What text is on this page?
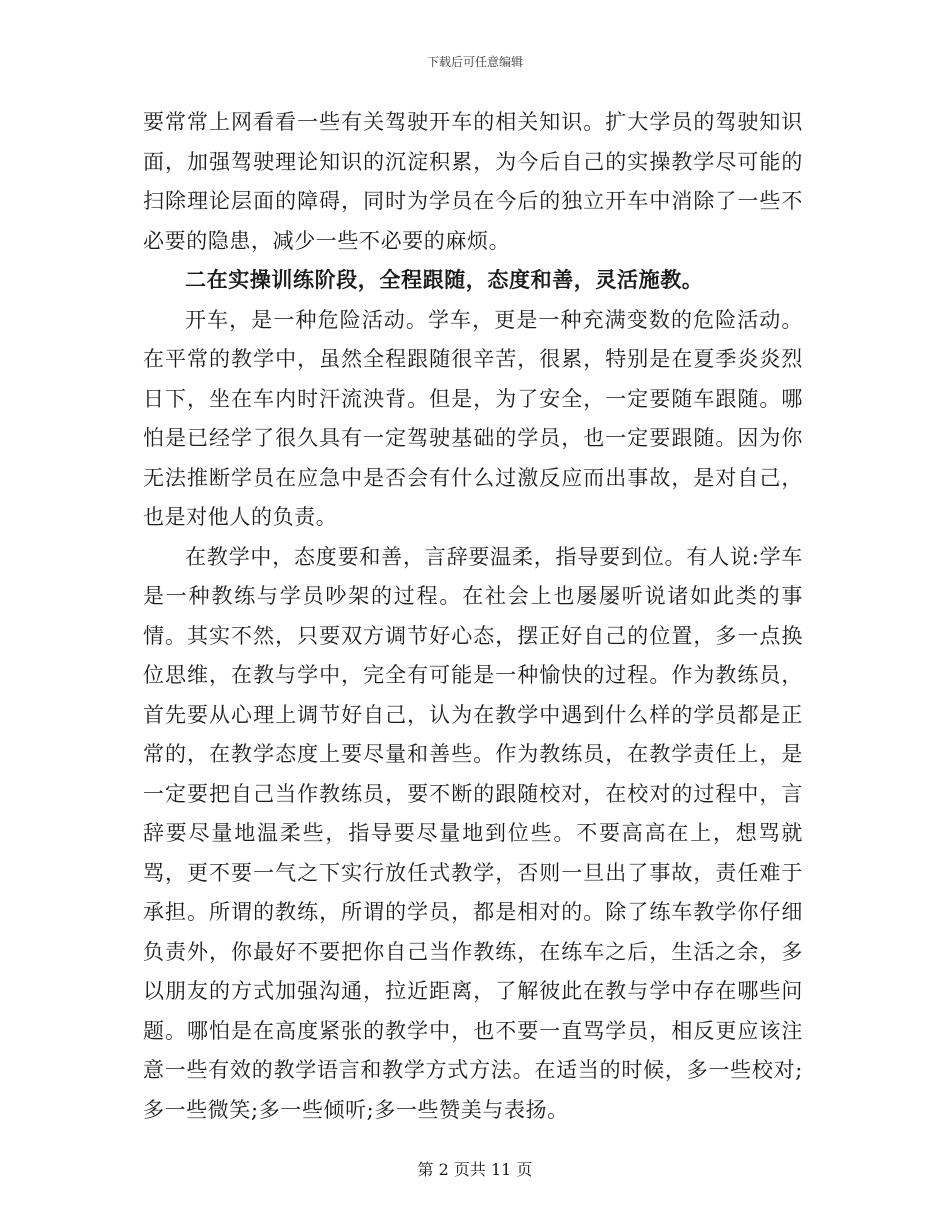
下载后可任意编辑

要常常上网看看一些有关驾驶开车的相关知识。扩大学员的驾驶知识面，加强驾驶理论知识的沉淀积累，为今后自己的实操教学尽可能的扫除理论层面的障碍，同时为学员在今后的独立开车中消除了一些不必要的隐患，减少一些不必要的麻烦。

二在实操训练阶段，全程跟随，态度和善，灵活施教。

开车，是一种危险活动。学车，更是一种充满变数的危险活动。在平常的教学中，虽然全程跟随很辛苦，很累，特别是在夏季炎炎烈日下，坐在车内时汗流泱背。但是，为了安全，一定要随车跟随。哪怕是已经学了很久具有一定驾驶基础的学员，也一定要跟随。因为你无法推断学员在应急中是否会有什么过激反应而出事故，是对自己，也是对他人的负责。

在教学中，态度要和善，言辞要温柔，指导要到位。有人说:学车是一种教练与学员吵架的过程。在社会上也屡屡听说诸如此类的事情。其实不然，只要双方调节好心态，摆正好自己的位置，多一点换位思维，在教与学中，完全有可能是一种愉快的过程。作为教练员，首先要从心理上调节好自己，认为在教学中遇到什么样的学员都是正常的，在教学态度上要尽量和善些。作为教练员，在教学责任上，是一定要把自己当作教练员，要不断的跟随校对，在校对的过程中，言辞要尽量地温柔些，指导要尽量地到位些。不要高高在上，想骂就骂，更不要一气之下实行放任式教学，否则一旦出了事故，责任难于承担。所谓的教练，所谓的学员，都是相对的。除了练车教学你仔细负责外，你最好不要把你自己当作教练，在练车之后，生活之余，多以朋友的方式加强沟通，拉近距离，了解彼此在教与学中存在哪些问题。哪怕是在高度紧张的教学中，也不要一直骂学员，相反更应该注意一些有效的教学语言和教学方式方法。在适当的时候，多一些校对;多一些微笑;多一些倾听;多一些赞美与表扬。

第 2 页共 11 页
